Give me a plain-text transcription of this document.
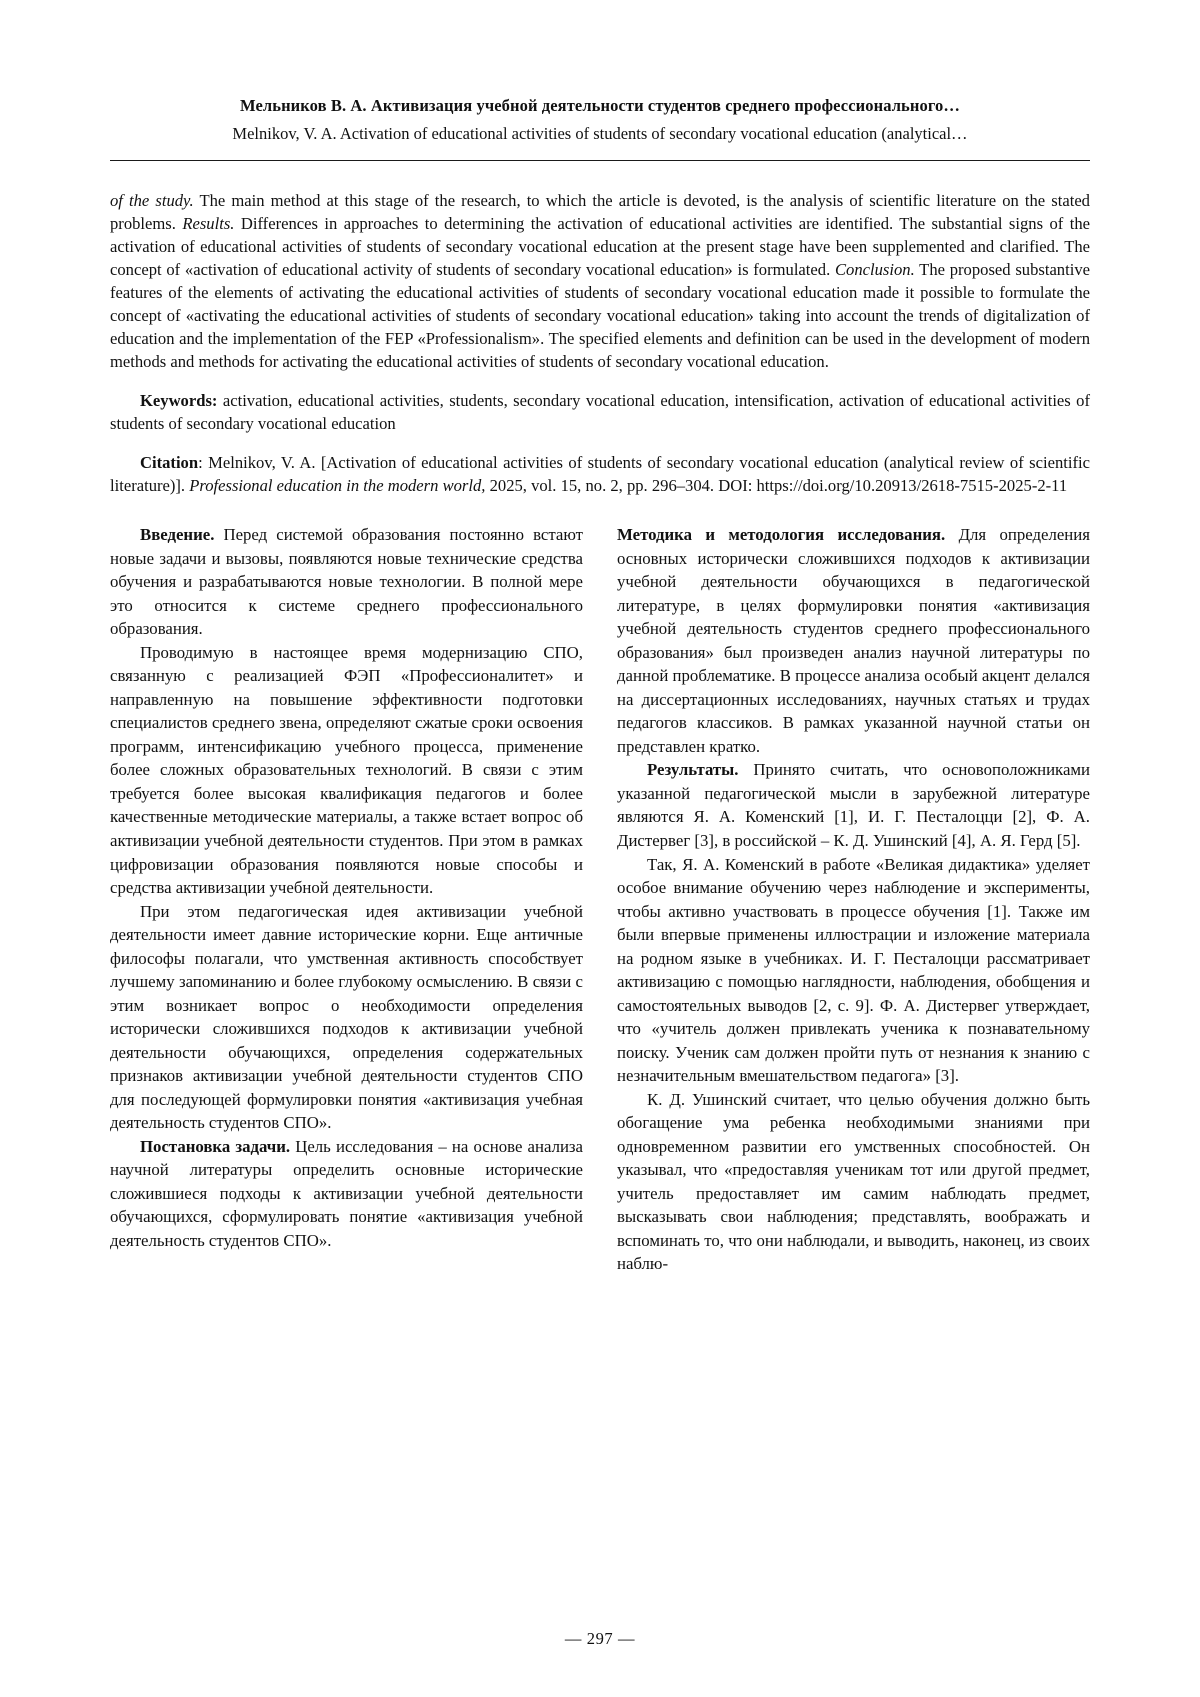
Мельников В. А. Активизация учебной деятельности студентов среднего профессионального…
Melnikov, V. A. Activation of educational activities of students of secondary vocational education (analytical…

of the study. The main method at this stage of the research, to which the article is devoted, is the analysis of scientific literature on the stated problems. Results. Differences in approaches to determining the activation of educational activities are identified. The substantial signs of the activation of educational activities of students of secondary vocational education at the present stage have been supplemented and clarified. The concept of «activation of educational activity of students of secondary vocational education» is formulated. Conclusion. The proposed substantive features of the elements of activating the educational activities of students of secondary vocational education made it possible to formulate the concept of «activating the educational activities of students of secondary vocational education» taking into account the trends of digitalization of education and the implementation of the FEP «Professionalism». The specified elements and definition can be used in the development of modern methods and methods for activating the educational activities of students of secondary vocational education.

Keywords: activation, educational activities, students, secondary vocational education, intensification, activation of educational activities of students of secondary vocational education

Citation: Melnikov, V. A. [Activation of educational activities of students of secondary vocational education (analytical review of scientific literature)]. Professional education in the modern world, 2025, vol. 15, no. 2, pp. 296–304. DOI: https://doi.org/10.20913/2618-7515-2025-2-11

Введение. Перед системой образования постоянно встают новые задачи и вызовы, появляются новые технические средства обучения и разрабатываются новые технологии. В полной мере это относится к системе среднего профессионального образования.

Проводимую в настоящее время модернизацию СПО, связанную с реализацией ФЭП «Профессионалитет» и направленную на повышение эффективности подготовки специалистов среднего звена, определяют сжатые сроки освоения программ, интенсификацию учебного процесса, применение более сложных образовательных технологий. В связи с этим требуется более высокая квалификация педагогов и более качественные методические материалы, а также встает вопрос об активизации учебной деятельности студентов. При этом в рамках цифровизации образования появляются новые способы и средства активизации учебной деятельности.

При этом педагогическая идея активизации учебной деятельности имеет давние исторические корни. Еще античные философы полагали, что умственная активность способствует лучшему запоминанию и более глубокому осмыслению. В связи с этим возникает вопрос о необходимости определения исторически сложившихся подходов к активизации учебной деятельности обучающихся, определения содержательных признаков активизации учебной деятельности студентов СПО для последующей формулировки понятия «активизация учебная деятельность студентов СПО».

Постановка задачи. Цель исследования – на основе анализа научной литературы определить основные исторические сложившиеся подходы к активизации учебной деятельности обучающихся, сформулировать понятие «активизация учебной деятельность студентов СПО».

Методика и методология исследования. Для определения основных исторически сложившихся подходов к активизации учебной деятельности обучающихся в педагогической литературе, в целях формулировки понятия «активизация учебной деятельность студентов среднего профессионального образования» был произведен анализ научной литературы по данной проблематике. В процессе анализа особый акцент делался на диссертационных исследованиях, научных статьях и трудах педагогов классиков. В рамках указанной научной статьи он представлен кратко.

Результаты. Принято считать, что основоположниками указанной педагогической мысли в зарубежной литературе являются Я. А. Коменский [1], И. Г. Песталоцци [2], Ф. А. Дистервег [3], в российской – К. Д. Ушинский [4], А. Я. Герд [5].

Так, Я. А. Коменский в работе «Великая дидактика» уделяет особое внимание обучению через наблюдение и эксперименты, чтобы активно участвовать в процессе обучения [1]. Также им были впервые применены иллюстрации и изложение материала на родном языке в учебниках. И. Г. Песталоцци рассматривает активизацию с помощью наглядности, наблюдения, обобщения и самостоятельных выводов [2, с. 9]. Ф. А. Дистервег утверждает, что «учитель должен привлекать ученика к познавательному поиску. Ученик сам должен пройти путь от незнания к знанию с незначительным вмешательством педагога» [3].

К. Д. Ушинский считает, что целью обучения должно быть обогащение ума ребенка необходимыми знаниями при одновременном развитии его умственных способностей. Он указывал, что «предоставляя ученикам тот или другой предмет, учитель предоставляет им самим наблюдать предмет, высказывать свои наблюдения; представлять, воображать и вспоминать то, что они наблюдали, и выводить, наконец, из своих наблю-

— 297 —
